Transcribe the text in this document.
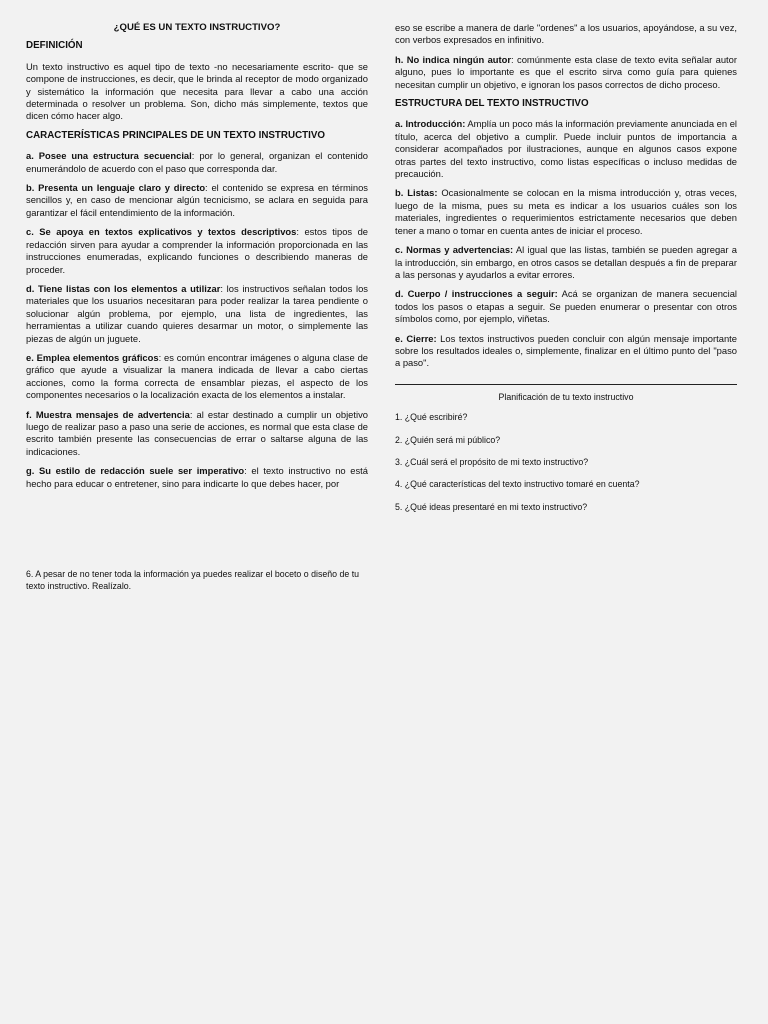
¿QUÉ ES UN TEXTO INSTRUCTIVO?
DEFINICIÓN

Un texto instructivo es aquel tipo de texto -no necesariamente escrito- que se compone de instrucciones, es decir, que le brinda al receptor de modo organizado y sistemático la información que necesita para llevar a cabo una acción determinada o resolver un problema. Son, dicho más simplemente, textos que dicen cómo hacer algo.

CARACTERÍSTICAS PRINCIPALES DE UN TEXTO INSTRUCTIVO

a. Posee una estructura secuencial: por lo general, organizan el contenido enumerándolo de acuerdo con el paso que corresponda dar.

b. Presenta un lenguaje claro y directo: el contenido se expresa en términos sencillos y, en caso de mencionar algún tecnicismo, se aclara en seguida para garantizar el fácil entendimiento de la información.

c. Se apoya en textos explicativos y textos descriptivos: estos tipos de redacción sirven para ayudar a comprender la información proporcionada en las instrucciones enumeradas, explicando funciones o describiendo maneras de proceder.

d. Tiene listas con los elementos a utilizar: los instructivos señalan todos los materiales que los usuarios necesitaran para poder realizar la tarea pendiente o solucionar algún problema, por ejemplo, una lista de ingredientes, las herramientas a utilizar cuando quieres desarmar un motor, o simplemente las piezas de algún un juguete.

e. Emplea elementos gráficos: es común encontrar imágenes o alguna clase de gráfico que ayude a visualizar la manera indicada de llevar a cabo ciertas acciones, como la forma correcta de ensamblar piezas, el aspecto de los componentes necesarios o la localización exacta de los elementos a instalar.

f. Muestra mensajes de advertencia: al estar destinado a cumplir un objetivo luego de realizar paso a paso una serie de acciones, es normal que esta clase de escrito también presente las consecuencias de errar o saltarse alguna de las indicaciones.

g. Su estilo de redacción suele ser imperativo: el texto instructivo no está hecho para educar o entretener, sino para indicarte lo que debes hacer, por

6. A pesar de no tener toda la información ya puedes realizar el boceto o diseño de tu texto instructivo. Realízalo.

eso se escribe a manera de darle "ordenes" a los usuarios, apoyándose, a su vez, con verbos expresados en infinitivo.

h. No indica ningún autor: comúnmente esta clase de texto evita señalar autor alguno, pues lo importante es que el escrito sirva como guía para quienes necesitan cumplir un objetivo, e ignoran los pasos correctos de dicho proceso.

ESTRUCTURA DEL TEXTO INSTRUCTIVO

a. Introducción: Amplía un poco más la información previamente anunciada en el título, acerca del objetivo a cumplir. Puede incluir puntos de importancia a considerar acompañados por ilustraciones, aunque en algunos casos expone otras partes del texto instructivo, como listas específicas o incluso medidas de precaución.

b. Listas: Ocasionalmente se colocan en la misma introducción y, otras veces, luego de la misma, pues su meta es indicar a los usuarios cuáles son los materiales, ingredientes o requerimientos estrictamente necesarios que deben tener a mano o tomar en cuenta antes de iniciar el proceso.

c. Normas y advertencias: Al igual que las listas, también se pueden agregar a la introducción, sin embargo, en otros casos se detallan después a fin de preparar a las personas y ayudarlos a evitar errores.

d. Cuerpo / instrucciones a seguir: Acá se organizan de manera secuencial todos los pasos o etapas a seguir. Se pueden enumerar o presentar con otros símbolos como, por ejemplo, viñetas.

e. Cierre: Los textos instructivos pueden concluir con algún mensaje importante sobre los resultados ideales o, simplemente, finalizar en el último punto del "paso a paso".

Planificación de tu texto instructivo
1. ¿Qué escribiré?
2. ¿Quién será mi público?
3. ¿Cuál será el propósito de mi texto instructivo?
4. ¿Qué características del texto instructivo tomaré en cuenta?
5. ¿Qué ideas presentaré en mi texto instructivo?
